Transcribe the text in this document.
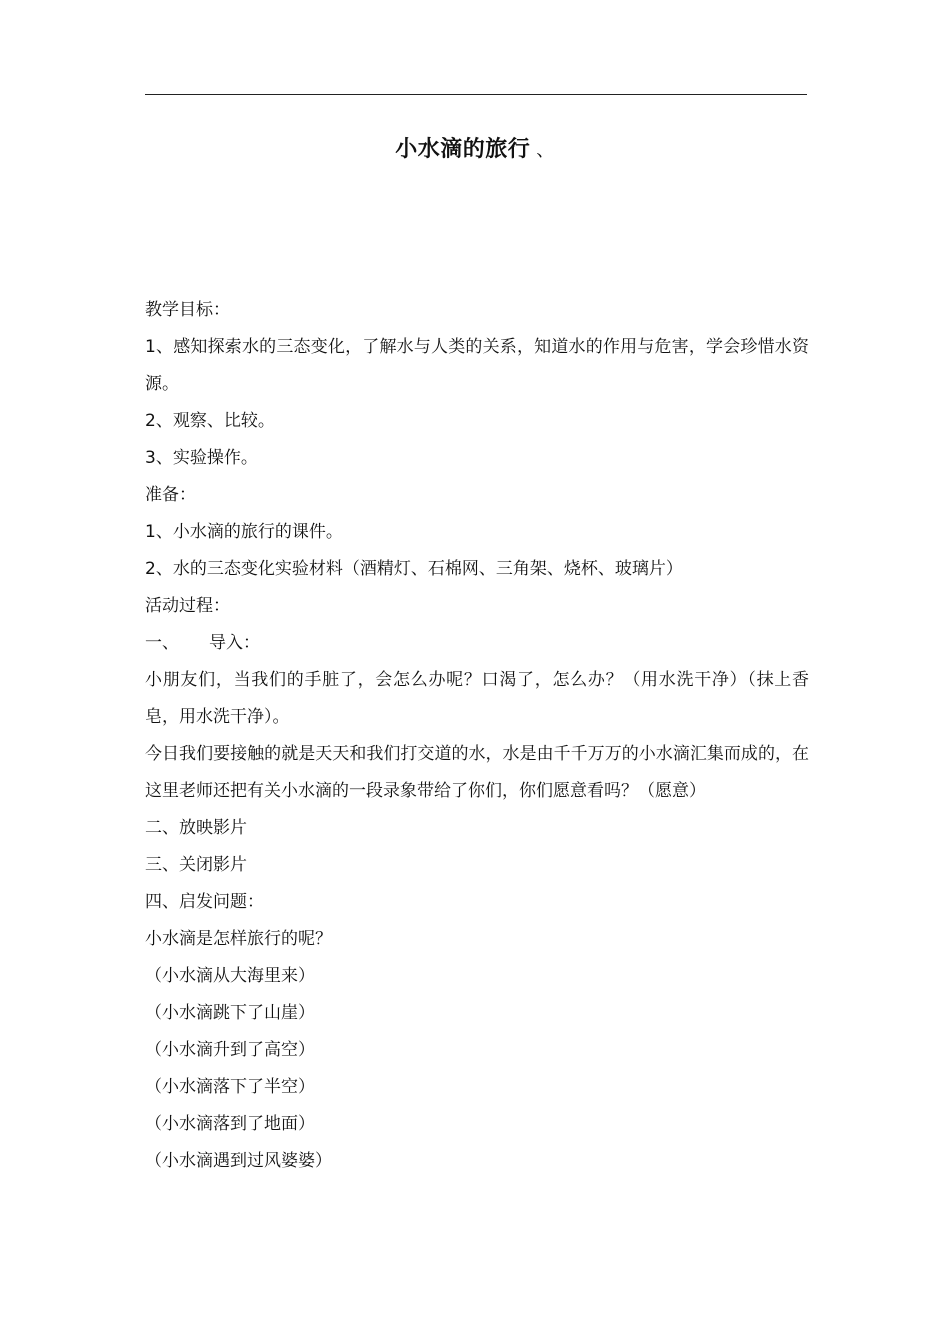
小水滴的旅行 、

教学目标：

1、感知探索水的三态变化，了解水与人类的关系，知道水的作用与危害，学会珍惜水资源。

2、观察、比较。

3、实验操作。

准备：

1、小水滴的旅行的课件。

2、水的三态变化实验材料（酒精灯、石棉网、三角架、烧杯、玻璃片）

活动过程：

一、 导入：

小朋友们，当我们的手脏了，会怎么办呢？口渴了，怎么办？（用水洗干净）（抹上香皂，用水洗干净）。

今日我们要接触的就是天天和我们打交道的水，水是由千千万万的小水滴汇集而成的，在这里老师还把有关小水滴的一段录象带给了你们，你们愿意看吗？（愿意）

二、放映影片

三、关闭影片

四、启发问题：

小水滴是怎样旅行的呢？

（小水滴从大海里来）

（小水滴跳下了山崖）

（小水滴升到了高空）

（小水滴落下了半空）

（小水滴落到了地面）

（小水滴遇到过风婆婆）
